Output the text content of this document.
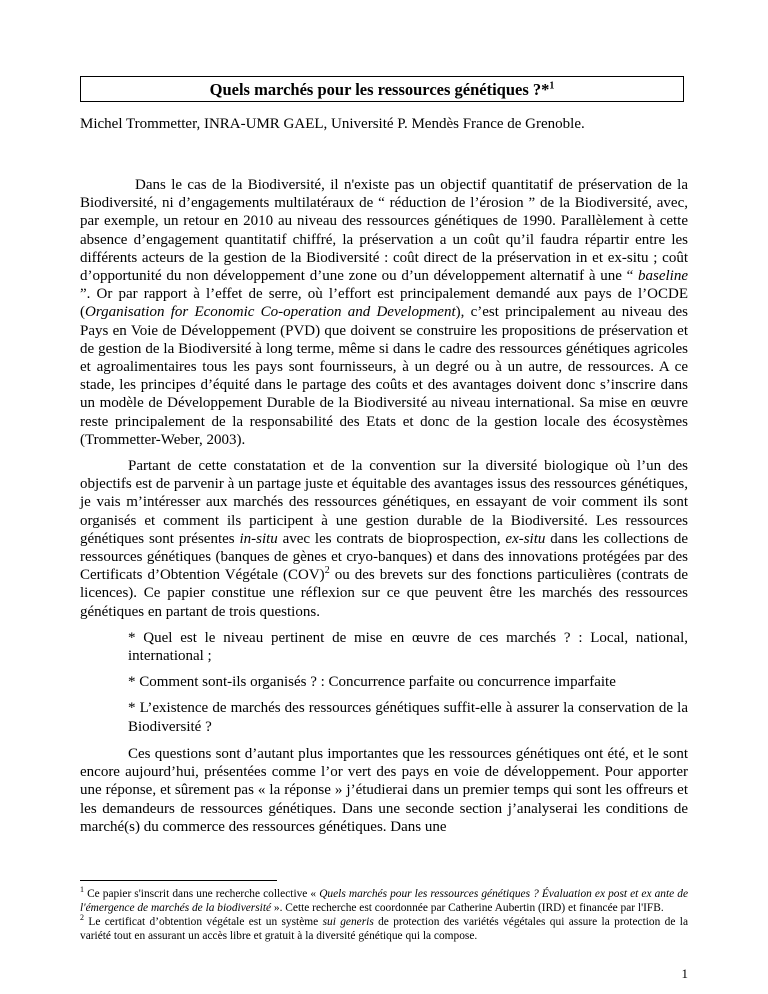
Quels marchés pour les ressources génétiques ?*$^1$
Michel Trommetter, INRA-UMR GAEL, Université P. Mendès France de Grenoble.

Dans le cas de la Biodiversité, il n'existe pas un objectif quantitatif de préservation de la Biodiversité, ni d’engagements multilatéraux de “ réduction de l’érosion ” de la Biodiversité, avec, par exemple, un retour en 2010 au niveau des ressources génétiques de 1990. Parallèlement à cette absence d’engagement quantitatif chiffré, la préservation a un coût qu’il faudra répartir entre les différents acteurs de la gestion de la Biodiversité : coût direct de la préservation in et ex-situ ; coût d’opportunité du non développement d’une zone ou d’un développement alternatif à une “ baseline ”. Or par rapport à l’effet de serre, où l’effort est principalement demandé aux pays de l’OCDE (Organisation for Economic Co-operation and Development), c’est principalement au niveau des Pays en Voie de Développement (PVD) que doivent se construire les propositions de préservation et de gestion de la Biodiversité à long terme, même si dans le cadre des ressources génétiques agricoles et agroalimentaires tous les pays sont fournisseurs, à un degré ou à un autre, de ressources. A ce stade, les principes d’équité dans le partage des coûts et des avantages doivent donc s’inscrire dans un modèle de Développement Durable de la Biodiversité au niveau international. Sa mise en œuvre reste principalement de la responsabilité des Etats et donc de la gestion locale des écosystèmes (Trommetter-Weber, 2003).

Partant de cette constatation et de la convention sur la diversité biologique où l’un des objectifs est de parvenir à un partage juste et équitable des avantages issus des ressources génétiques, je vais m’intéresser aux marchés des ressources génétiques, en essayant de voir comment ils sont organisés et comment ils participent à une gestion durable de la Biodiversité. Les ressources génétiques sont présentes in-situ avec les contrats de bioprospection, ex-situ dans les collections de ressources génétiques (banques de gènes et cryo-banques) et dans des innovations protégées par des Certificats d’Obtention Végétale (COV)$^2$ ou des brevets sur des fonctions particulières (contrats de licences). Ce papier constitue une réflexion sur ce que peuvent être les marchés des ressources génétiques en partant de trois questions.

* Quel est le niveau pertinent de mise en œuvre de ces marchés ? : Local, national, international ;

* Comment sont-ils organisés ? : Concurrence parfaite ou concurrence imparfaite

* L’existence de marchés des ressources génétiques suffit-elle à assurer la conservation de la Biodiversité ?

Ces questions sont d’autant plus importantes que les ressources génétiques ont été, et le sont encore aujourd’hui, présentées comme l’or vert des pays en voie de développement. Pour apporter une réponse, et sûrement pas « la réponse » j’étudierai dans un premier temps qui sont les offreurs et les demandeurs de ressources génétiques. Dans une seconde section j’analyserai les conditions de marché(s) du commerce des ressources génétiques. Dans une

$^1$ Ce papier s'inscrit dans une recherche collective « Quels marchés pour les ressources génétiques ? Évaluation ex post et ex ante de l'émergence de marchés de la biodiversité ». Cette recherche est coordonnée par Catherine Aubertin (IRD) et financée par l'IFB.

$^2$ Le certificat d’obtention végétale est un système sui generis de protection des variétés végétales qui assure la protection de la variété tout en assurant un accès libre et gratuit à la diversité génétique qui la compose.

1
